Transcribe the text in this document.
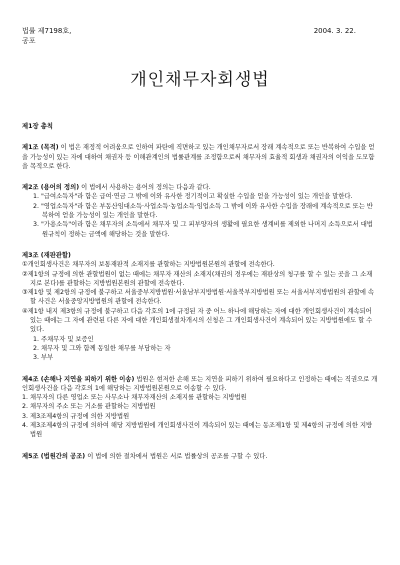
법률 제7198호,	2004. 3. 22.
공포
개인채무자회생법
제1장 총칙

제1조 (목적) 이 법은 재정적 어려움으로 인하여 파탄에 직면하고 있는 개인채무자로서 장래 계속적으로 또는 반복하여 수입을 얻을 가능성이 있는 자에 대하여 채권자 등 이해관계인의 법률관계를 조정함으로써 채무자의 효율적 회생과 채권자의 이익을 도모함을 목적으로 한다.

제2조 (용어의 정의) 이 법에서 사용하는 용어의 정의는 다음과 같다.

1. "급여소득자"라 함은 급여·연금 그 밖에 이와 유사한 정기적이고 확실한 수입을 얻을 가능성이 있는 개인을 말한다.

2. "영업소득자"라 함은 부동산임대소득·사업소득·농업소득·임업소득 그 밖에 이와 유사한 수입을 장래에 계속적으로 또는 반복하여 얻을 가능성이 있는 개인을 말한다.

3. "가용소득"이라 함은 채무자의 소득에서 채무자 및 그 피부양자의 생활에 필요한 생계비를 제외한 나머지 소득으로서 대법원규칙이 정하는 금액에 해당하는 것을 말한다.

제3조 (재판관할)

①개인회생사건은 채무자의 보통재판적 소재지를 관할하는 지방법원본원의 관할에 전속한다.

②제1항의 규정에 의한 관할법원이 없는 때에는 채무자 재산의 소재지(채권의 경우에는 재판상의 청구를 할 수 있는 곳을 그 소재지로 본다)를 관할하는 지방법원본원의 관할에 전속한다.

③제1항 및 제2항의 규정에 불구하고 서울중부지방법원·서울남부지방법원·서울북부지방법원 또는 서울서부지방법원의 관할에 속할 사건은 서울중앙지방법원의 관할에 전속한다.

④제1항 내지 제3항의 규정에 불구하고 다음 각호의 1에 규정된 자 중 어느 하나에 해당하는 자에 대한 개인회생사건이 계속되어 있는 때에는 그 자에 관련된 다른 자에 대한 개인회생절차개시의 신청은 그 개인회생사건이 계속되어 있는 지방법원에도 할 수 있다.

1. 주채무자 및 보증인

2. 채무자 및 그와 함께 동일한 채무를 부담하는 자

3. 부부

제4조 (손해나 지연을 피하기 위한 이송) 법원은 현저한 손해 또는 지연을 피하기 위하여 필요하다고 인정하는 때에는 직권으로 개인회생사건을 다음 각호의 1에 해당하는 지방법원본원으로 이송할 수 있다.

1. 채무자의 다른 영업소 또는 사무소나 채무자재산의 소재지를 관할하는 지방법원

2. 채무자의 주소 또는 거소를 관할하는 지방법원

3. 제3조제4항의 규정에 의한 지방법원

4. 제3조제4항의 규정에 의하여 해당 지방법원에 개인회생사건이 계속되어 있는 때에는 동조제1항 및 제4항의 규정에 의한 지방법원

제5조 (법원간의 공조) 이 법에 의한 절차에서 법원은 서로 법률상의 공조를 구할 수 있다.
